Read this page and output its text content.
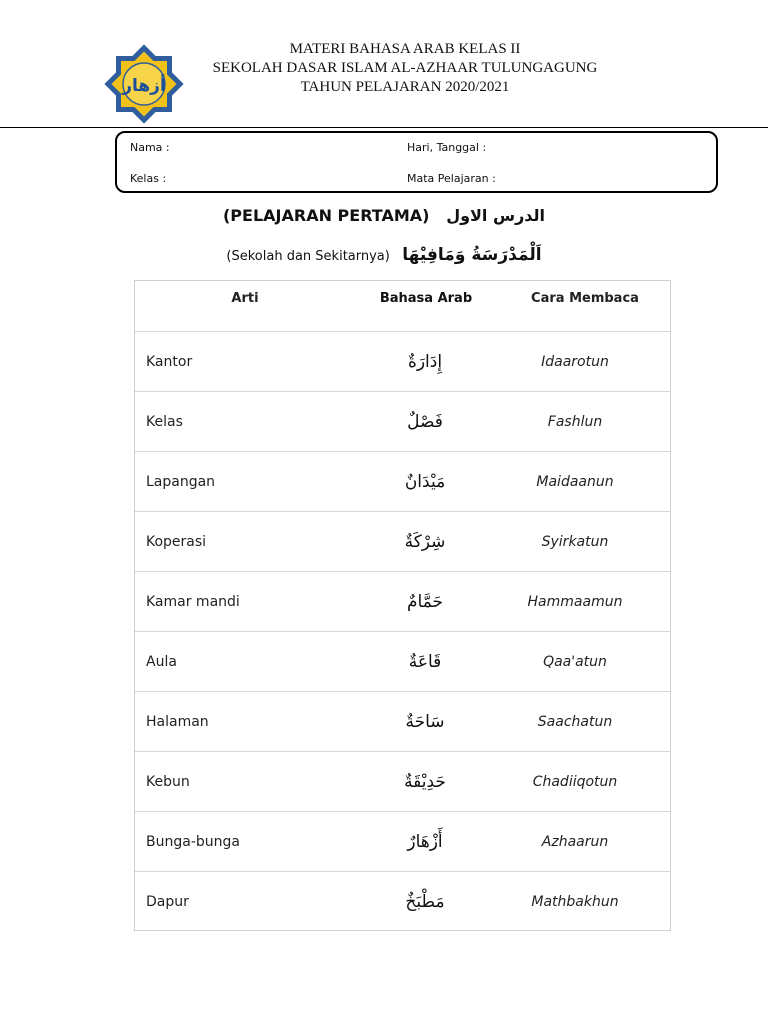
أزهار
MATERI BAHASA ARAB KELAS II
SEKOLAH DASAR ISLAM AL-AZHAAR TULUNGAGUNG
TAHUN PELAJARAN 2020/2021
Nama :
Kelas :
Hari, Tanggal :
Mata Pelajaran :
(PELAJARAN PERTAMA) الدرس الاول
(Sekolah dan Sekitarnya) اَلْمَدْرَسَةُ وَمَافِيْهَا
Arti	Bahasa Arab	Cara Membaca
Kantor	إِدَارَةٌ	Idaarotun
Kelas	فَصْلٌ	Fashlun
Lapangan	مَيْدَانٌ	Maidaanun
Koperasi	شِرْكَةٌ	Syirkatun
Kamar mandi	حَمَّامٌ	Hammaamun
Aula	قَاعَةٌ	Qaa'atun
Halaman	سَاحَةٌ	Saachatun
Kebun	حَدِيْقَةٌ	Chadiiqotun
Bunga-bunga	أَزْهَارٌ	Azhaarun
Dapur	مَطْبَخٌ	Mathbakhun
